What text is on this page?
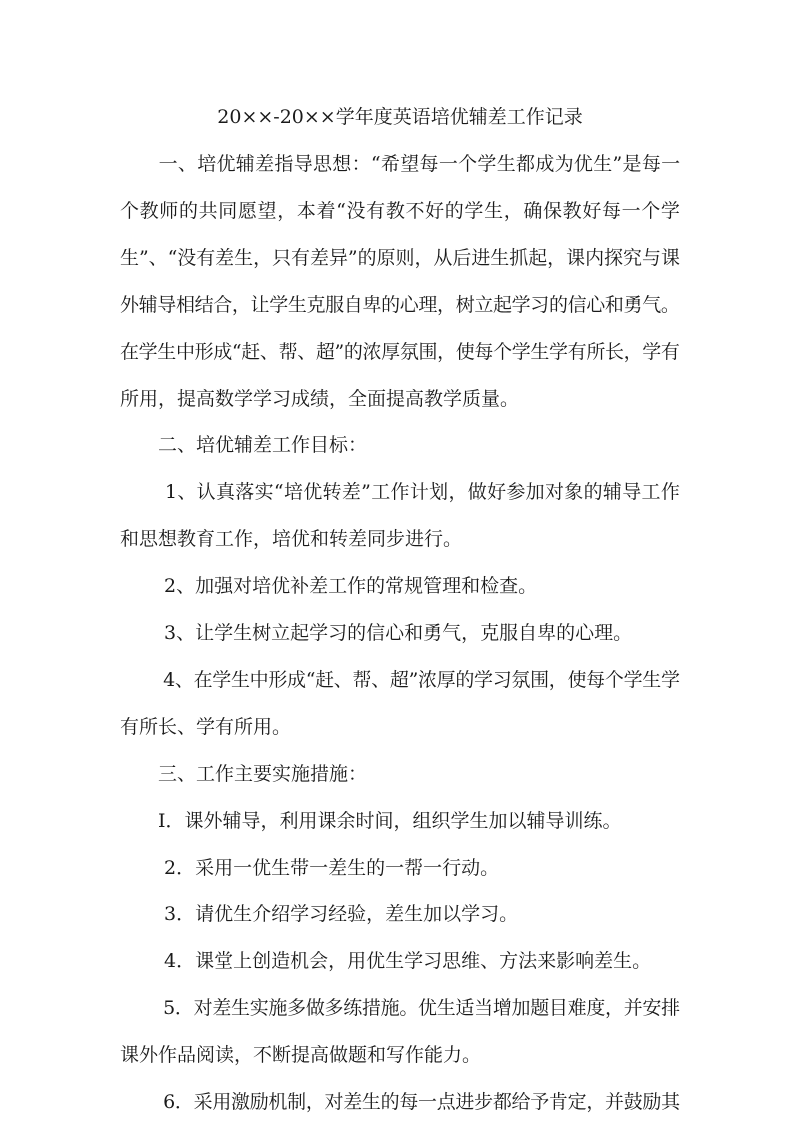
20××-20××学年度英语培优辅差工作记录
　　一、培优辅差指导思想：“希望每一个学生都成为优生”是每一
个教师的共同愿望，本着“没有教不好的学生，确保教好每一个学
生”、“没有差生，只有差异”的原则，从后进生抓起，课内探究与课
外辅导相结合，让学生克服自卑的心理，树立起学习的信心和勇气。
在学生中形成“赶、帮、超”的浓厚氛围，使每个学生学有所长，学有
所用，提高数学学习成绩，全面提高教学质量。
　　二、培优辅差工作目标：
　　 1、认真落实“培优转差”工作计划，做好参加对象的辅导工作
和思想教育工作，培优和转差同步进行。
　　 2、加强对培优补差工作的常规管理和检查。
　　 3、让学生树立起学习的信心和勇气，克服自卑的心理。
　　 4、在学生中形成“赶、帮、超”浓厚的学习氛围，使每个学生学
有所长、学有所用。
　　三、工作主要实施措施：
　　I．课外辅导，利用课余时间，组织学生加以辅导训练。
　　 2．采用一优生带一差生的一帮一行动。
　　 3．请优生介绍学习经验，差生加以学习。
　　 4．课堂上创造机会，用优生学习思维、方法来影响差生。
　　 5．对差生实施多做多练措施。优生适当增加题目难度，并安排
课外作品阅读，不断提高做题和写作能力。
　　 6．采用激励机制，对差生的每一点进步都给予肯定，并鼓励其
